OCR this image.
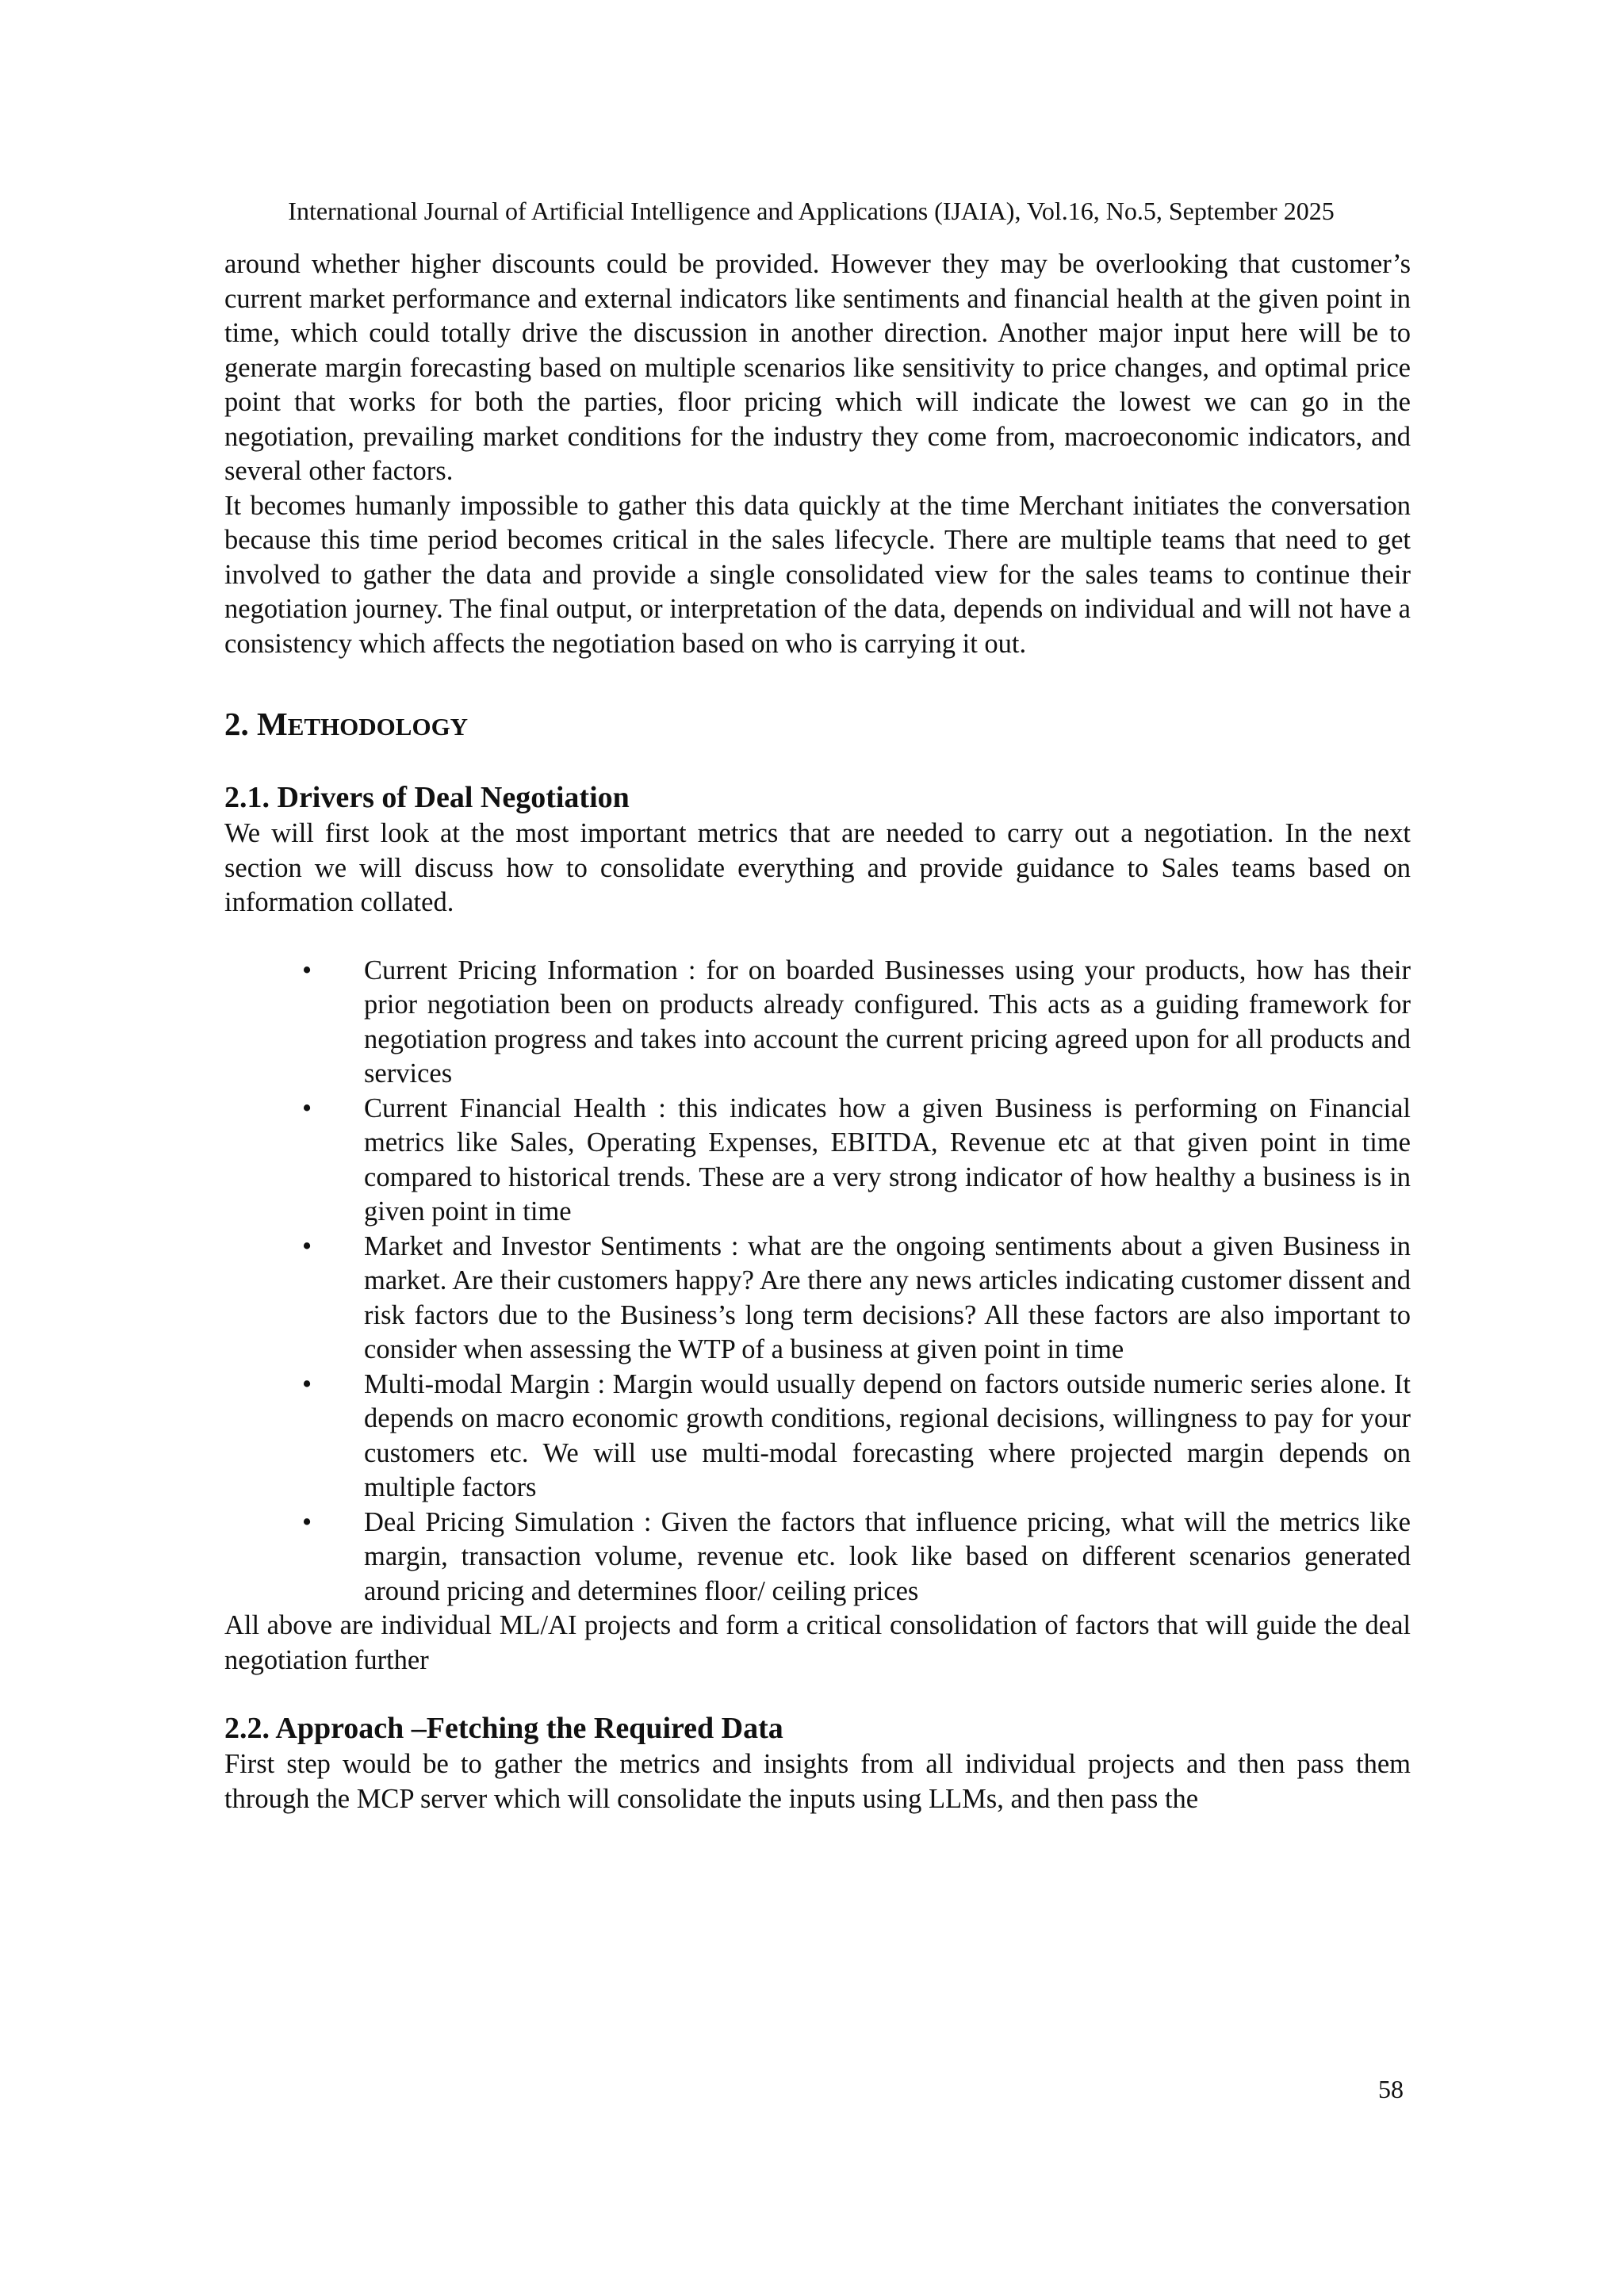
International Journal of Artificial Intelligence and Applications (IJAIA), Vol.16, No.5, September 2025

around whether higher discounts could be provided. However they may be overlooking that customer’s current market performance and external indicators like sentiments and financial health at the given point in time, which could totally drive the discussion in another direction. Another major input here will be to generate margin forecasting based on multiple scenarios like sensitivity to price changes, and optimal price point that works for both the parties, floor pricing which will indicate the lowest we can go in the negotiation, prevailing market conditions for the industry they come from, macroeconomic indicators, and several other factors.

It becomes humanly impossible to gather this data quickly at the time Merchant initiates the conversation because this time period becomes critical in the sales lifecycle. There are multiple teams that need to get involved to gather the data and provide a single consolidated view for the sales teams to continue their negotiation journey. The final output, or interpretation of the data, depends on individual and will not have a consistency which affects the negotiation based on who is carrying it out.

2. METHODOLOGY
2.1. Drivers of Deal Negotiation

We will first look at the most important metrics that are needed to carry out a negotiation. In the next section we will discuss how to consolidate everything and provide guidance to Sales teams based on information collated.

• Current Pricing Information : for on boarded Businesses using your products, how has their prior negotiation been on products already configured. This acts as a guiding framework for negotiation progress and takes into account the current pricing agreed upon for all products and services
• Current Financial Health : this indicates how a given Business is performing on Financial metrics like Sales, Operating Expenses, EBITDA, Revenue etc at that given point in time compared to historical trends. These are a very strong indicator of how healthy a business is in given point in time
• Market and Investor Sentiments : what are the ongoing sentiments about a given Business in market. Are their customers happy? Are there any news articles indicating customer dissent and risk factors due to the Business’s long term decisions? All these factors are also important to consider when assessing the WTP of a business at given point in time
• Multi-modal Margin : Margin would usually depend on factors outside numeric series alone. It depends on macro economic growth conditions, regional decisions, willingness to pay for your customers etc. We will use multi-modal forecasting where projected margin depends on multiple factors
• Deal Pricing Simulation : Given the factors that influence pricing, what will the metrics like margin, transaction volume, revenue etc. look like based on different scenarios generated around pricing and determines floor/ ceiling prices

All above are individual ML/AI projects and form a critical consolidation of factors that will guide the deal negotiation further

2.2. Approach –Fetching the Required Data

First step would be to gather the metrics and insights from all individual projects and then pass them through the MCP server which will consolidate the inputs using LLMs, and then pass the

58
